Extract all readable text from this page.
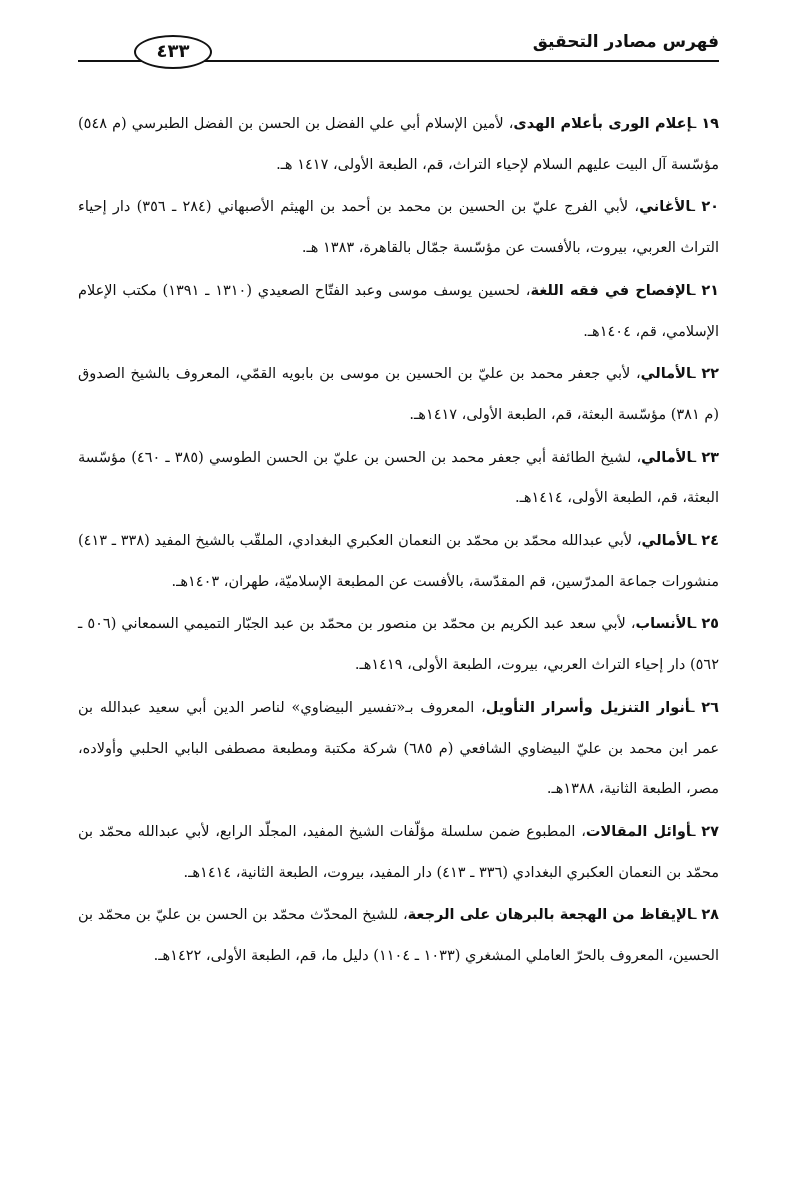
فهرس مصادر التحقيق
٤٣٣

١٩ ـإعلام الورى بأعلام الهدى، لأمين الإسلام أبي علي الفضل بن الحسن بن الفضل الطبرسي (م ٥٤٨) مؤسّسة آل البيت عليهم السلام لإحياء التراث، قم، الطبعة الأولى، ١٤١٧ هـ.

٢٠ ـالأغاني، لأبي الفرج عليّ بن الحسين بن محمد بن أحمد بن الهيثم الأصبهاني (٢٨٤ ـ ٣٥٦) دار إحياء التراث العربي، بيروت، بالأفست عن مؤسّسة جمّال بالقاهرة، ١٣٨٣ هـ.

٢١ ـالإفصاح في فقه اللغة، لحسين يوسف موسى وعبد الفتّاح الصعيدي (١٣١٠ ـ ١٣٩١) مكتب الإعلام الإسلامي، قم، ١٤٠٤هـ.

٢٢ ـالأمالي، لأبي جعفر محمد بن عليّ بن الحسين بن موسى بن بابويه القمّي، المعروف بالشيخ الصدوق (م ٣٨١) مؤسّسة البعثة، قم، الطبعة الأولى، ١٤١٧هـ.

٢٣ ـالأمالي، لشيخ الطائفة أبي جعفر محمد بن الحسن بن عليّ بن الحسن الطوسي (٣٨٥ ـ ٤٦٠) مؤسّسة البعثة، قم، الطبعة الأولى، ١٤١٤هـ.

٢٤ ـالأمالي، لأبي عبدالله محمّد بن محمّد بن النعمان العكبري البغدادي، الملقّب بالشيخ المفيد (٣٣٨ ـ ٤١٣) منشورات جماعة المدرّسين، قم المقدّسة، بالأفست عن المطبعة الإسلاميّة، طهران، ١٤٠٣هـ.

٢٥ ـالأنساب، لأبي سعد عبد الكريم بن محمّد بن منصور بن محمّد بن عبد الجبّار التميمي السمعاني (٥٠٦ ـ ٥٦٢) دار إحياء التراث العربي، بيروت، الطبعة الأولى، ١٤١٩هـ.

٢٦ ـأنوار التنزيل وأسرار التأويل، المعروف بـ«تفسير البيضاوي» لناصر الدين أبي سعيد عبدالله بن عمر ابن محمد بن عليّ البيضاوي الشافعي (م ٦٨٥) شركة مكتبة ومطبعة مصطفى البابي الحلبي وأولاده، مصر، الطبعة الثانية، ١٣٨٨هـ.

٢٧ ـأوائل المقالات، المطبوع ضمن سلسلة مؤلّفات الشيخ المفيد، المجلّد الرابع، لأبي عبدالله محمّد بن محمّد بن النعمان العكبري البغدادي (٣٣٦ ـ ٤١٣) دار المفيد، بيروت، الطبعة الثانية، ١٤١٤هـ.

٢٨ ـالإيقاظ من الهجعة بالبرهان على الرجعة، للشيخ المحدّث محمّد بن الحسن بن عليّ بن محمّد بن الحسين، المعروف بالحرّ العاملي المشغري (١٠٣٣ ـ ١١٠٤) دليل ما، قم، الطبعة الأولى، ١٤٢٢هـ.
